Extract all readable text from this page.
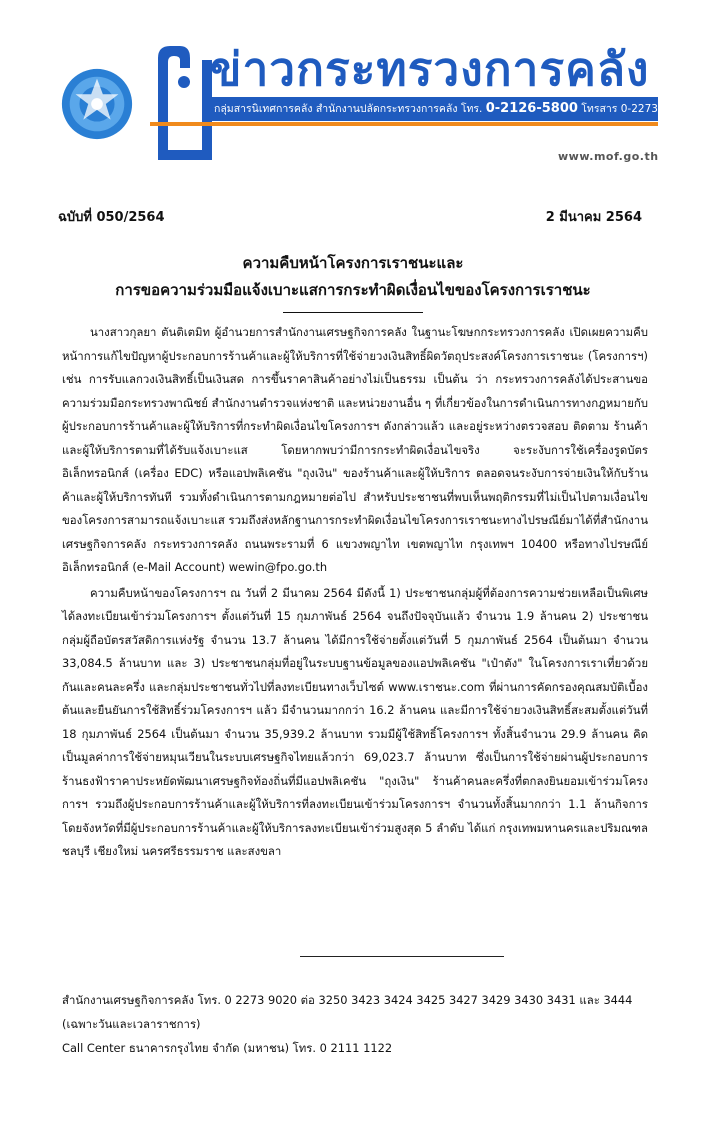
ข่าวกระทรวงการคลัง
กลุ่มสารนิเทศการคลัง สำนักงานปลัดกระทรวงการคลัง โทร. 0-2126-5800 โทรสาร 0-2273-9763
www.mof.go.th
ฉบับที่ 050/2564	2 มีนาคม 2564
ความคืบหน้าโครงการเราชนะและ
การขอความร่วมมือแจ้งเบาะแสการกระทำผิดเงื่อนไขของโครงการเราชนะ

นางสาวกุลยา ตันติเตมิท ผู้อำนวยการสำนักงานเศรษฐกิจการคลัง ในฐานะโฆษกกระทรวงการคลัง เปิดเผยความคืบหน้าการแก้ไขปัญหาผู้ประกอบการร้านค้าและผู้ให้บริการที่ใช้จ่ายวงเงินสิทธิ์ผิดวัตถุประสงค์โครงการเราชนะ (โครงการฯ) เช่น การรับแลกวงเงินสิทธิ์เป็นเงินสด การขึ้นราคาสินค้าอย่างไม่เป็นธรรม เป็นต้น ว่า กระทรวงการคลังได้ประสานขอความร่วมมือกระทรวงพาณิชย์ สำนักงานตำรวจแห่งชาติ และหน่วยงานอื่น ๆ ที่เกี่ยวข้องในการดำเนินการทางกฎหมายกับผู้ประกอบการร้านค้าและผู้ให้บริการที่กระทำผิดเงื่อนไขโครงการฯ ดังกล่าวแล้ว และอยู่ระหว่างตรวจสอบ ติดตาม ร้านค้าและผู้ให้บริการตามที่ได้รับแจ้งเบาะแส โดยหากพบว่ามีการกระทำผิดเงื่อนไขจริง จะระงับการใช้เครื่องรูดบัตรอิเล็กทรอนิกส์ (เครื่อง EDC) หรือแอปพลิเคชัน "ถุงเงิน" ของร้านค้าและผู้ให้บริการ ตลอดจนระงับการจ่ายเงินให้กับร้านค้าและผู้ให้บริการทันที รวมทั้งดำเนินการตามกฎหมายต่อไป สำหรับประชาชนที่พบเห็นพฤติกรรมที่ไม่เป็นไปตามเงื่อนไขของโครงการสามารถแจ้งเบาะแส รวมถึงส่งหลักฐานการกระทำผิดเงื่อนไขโครงการเราชนะทางไปรษณีย์มาได้ที่สำนักงานเศรษฐกิจการคลัง กระทรวงการคลัง ถนนพระรามที่ 6 แขวงพญาไท เขตพญาไท กรุงเทพฯ 10400 หรือทางไปรษณีย์อิเล็กทรอนิกส์ (e-Mail Account) wewin@fpo.go.th

ความคืบหน้าของโครงการฯ ณ วันที่ 2 มีนาคม 2564 มีดังนี้ 1) ประชาชนกลุ่มผู้ที่ต้องการความช่วยเหลือเป็นพิเศษได้ลงทะเบียนเข้าร่วมโครงการฯ ตั้งแต่วันที่ 15 กุมภาพันธ์ 2564 จนถึงปัจจุบันแล้ว จำนวน 1.9 ล้านคน 2) ประชาชนกลุ่มผู้ถือบัตรสวัสดิการแห่งรัฐ จำนวน 13.7 ล้านคน ได้มีการใช้จ่ายตั้งแต่วันที่ 5 กุมภาพันธ์ 2564 เป็นต้นมา จำนวน 33,084.5 ล้านบาท และ 3) ประชาชนกลุ่มที่อยู่ในระบบฐานข้อมูลของแอปพลิเคชัน "เป๋าตัง" ในโครงการเราเที่ยวด้วยกันและคนละครึ่ง และกลุ่มประชาชนทั่วไปที่ลงทะเบียนทางเว็บไซต์ www.เราชนะ.com ที่ผ่านการคัดกรองคุณสมบัติเบื้องต้นและยืนยันการใช้สิทธิ์ร่วมโครงการฯ แล้ว มีจำนวนมากกว่า 16.2 ล้านคน และมีการใช้จ่ายวงเงินสิทธิ์สะสมตั้งแต่วันที่ 18 กุมภาพันธ์ 2564 เป็นต้นมา จำนวน 35,939.2 ล้านบาท รวมมีผู้ใช้สิทธิ์โครงการฯ ทั้งสิ้นจำนวน 29.9 ล้านคน คิดเป็นมูลค่าการใช้จ่ายหมุนเวียนในระบบเศรษฐกิจไทยแล้วกว่า 69,023.7 ล้านบาท ซึ่งเป็นการใช้จ่ายผ่านผู้ประกอบการร้านธงฟ้าราคาประหยัดพัฒนาเศรษฐกิจท้องถิ่นที่มีแอปพลิเคชัน "ถุงเงิน" ร้านค้าคนละครึ่งที่ตกลงยินยอมเข้าร่วมโครงการฯ รวมถึงผู้ประกอบการร้านค้าและผู้ให้บริการที่ลงทะเบียนเข้าร่วมโครงการฯ จำนวนทั้งสิ้นมากกว่า 1.1 ล้านกิจการ โดยจังหวัดที่มีผู้ประกอบการร้านค้าและผู้ให้บริการลงทะเบียนเข้าร่วมสูงสุด 5 ลำดับ ได้แก่ กรุงเทพมหานครและปริมณฑล ชลบุรี เชียงใหม่ นครศรีธรรมราช และสงขลา

สำนักงานเศรษฐกิจการคลัง โทร. 0 2273 9020 ต่อ 3250 3423 3424 3425 3427 3429 3430 3431 และ 3444
(เฉพาะวันและเวลาราชการ)
Call Center ธนาคารกรุงไทย จำกัด (มหาชน) โทร. 0 2111 1122
